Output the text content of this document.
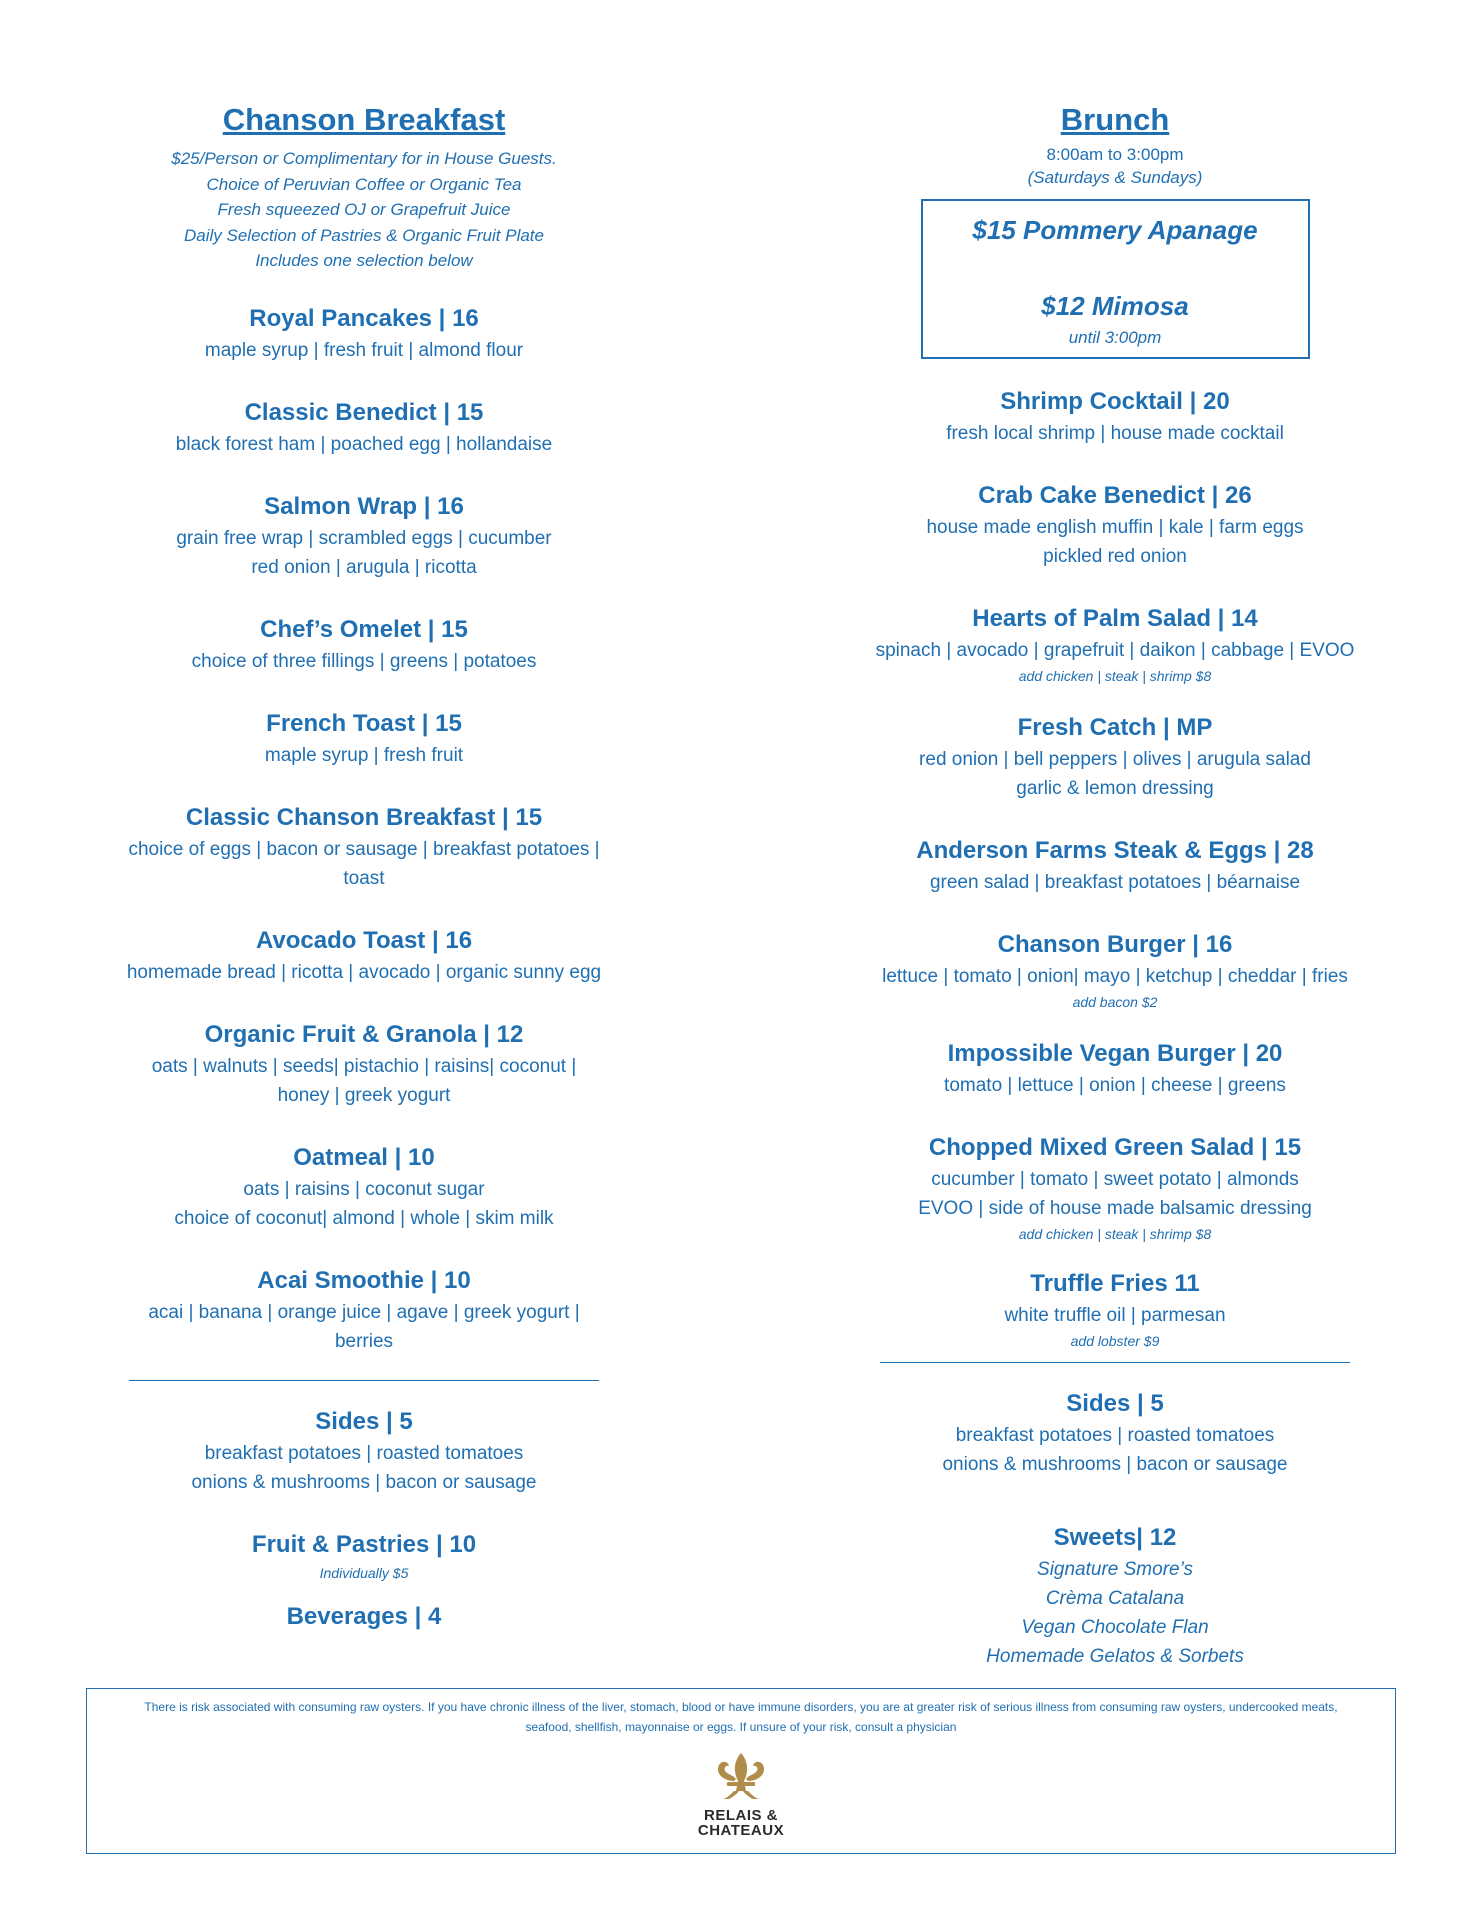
Chanson Breakfast
$25/Person or Complimentary for in House Guests.
Choice of Peruvian Coffee or Organic Tea
Fresh squeezed OJ or Grapefruit Juice
Daily Selection of Pastries & Organic Fruit Plate
Includes one selection below
Royal Pancakes | 16
maple syrup | fresh fruit | almond flour
Classic Benedict | 15
black forest ham | poached egg | hollandaise
Salmon Wrap | 16
grain free wrap | scrambled eggs | cucumber
red onion | arugula | ricotta
Chef’s Omelet | 15
choice of three fillings | greens | potatoes
French Toast | 15
maple syrup | fresh fruit
Classic Chanson Breakfast | 15
choice of eggs | bacon or sausage | breakfast potatoes |
toast
Avocado Toast | 16
homemade bread | ricotta | avocado | organic sunny egg
Organic Fruit & Granola | 12
oats | walnuts | seeds| pistachio | raisins| coconut |
honey | greek yogurt
Oatmeal | 10
oats | raisins | coconut sugar
choice of coconut| almond | whole | skim milk
Acai Smoothie | 10
acai | banana | orange juice | agave | greek yogurt |
berries
Sides | 5
breakfast potatoes | roasted tomatoes
onions & mushrooms | bacon or sausage
Fruit & Pastries | 10
Individually $5
Beverages | 4
Brunch
8:00am to 3:00pm
(Saturdays & Sundays)
$15 Pommery Apanage
$12 Mimosa
until 3:00pm
Shrimp Cocktail | 20
fresh local shrimp | house made cocktail
Crab Cake Benedict | 26
house made english muffin | kale | farm eggs
pickled red onion
Hearts of Palm Salad | 14
spinach | avocado | grapefruit | daikon | cabbage | EVOO
add chicken | steak | shrimp $8
Fresh Catch | MP
red onion | bell peppers | olives | arugula salad
garlic & lemon dressing
Anderson Farms Steak & Eggs | 28
green salad | breakfast potatoes | béarnaise
Chanson Burger | 16
lettuce | tomato | onion| mayo | ketchup | cheddar | fries
add bacon $2
Impossible Vegan Burger | 20
tomato | lettuce | onion | cheese | greens
Chopped Mixed Green Salad | 15
cucumber | tomato | sweet potato | almonds
EVOO | side of house made balsamic dressing
add chicken | steak | shrimp $8
Truffle Fries 11
white truffle oil | parmesan
add lobster $9
Sides | 5
breakfast potatoes | roasted tomatoes
onions & mushrooms | bacon or sausage
Sweets| 12
Signature Smore’s
Crèma Catalana
Vegan Chocolate Flan
Homemade Gelatos & Sorbets
There is risk associated with consuming raw oysters. If you have chronic illness of the liver, stomach, blood or have immune disorders, you are at greater risk of serious illness from consuming raw oysters, undercooked meats, seafood, shellfish, mayonnaise or eggs. If unsure of your risk, consult a physician
RELAIS &
CHATEAUX
